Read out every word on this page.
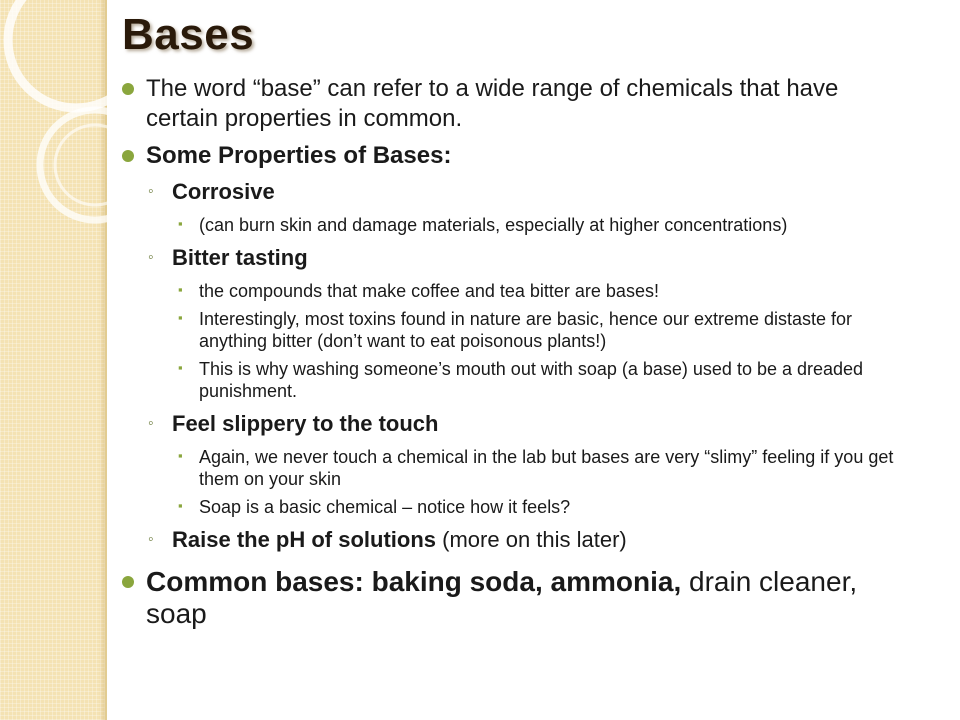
Bases
The word “base” can refer to a wide range of chemicals that have certain properties in common.
Some Properties of Bases:
◦ Corrosive
▪ (can burn skin and damage materials, especially at higher concentrations)
◦ Bitter tasting
▪ the compounds that make coffee and tea bitter are bases!
▪ Interestingly, most toxins found in nature are basic, hence our extreme distaste for anything bitter (don’t want to eat poisonous plants!)
▪ This is why washing someone’s mouth out with soap (a base) used to be a dreaded punishment.
◦ Feel slippery to the touch
▪ Again, we never touch a chemical in the lab but bases are very “slimy” feeling if you get them on your skin
▪ Soap is a basic chemical – notice how it feels?
◦ Raise the pH of solutions (more on this later)
Common bases: baking soda, ammonia, drain cleaner, soap
